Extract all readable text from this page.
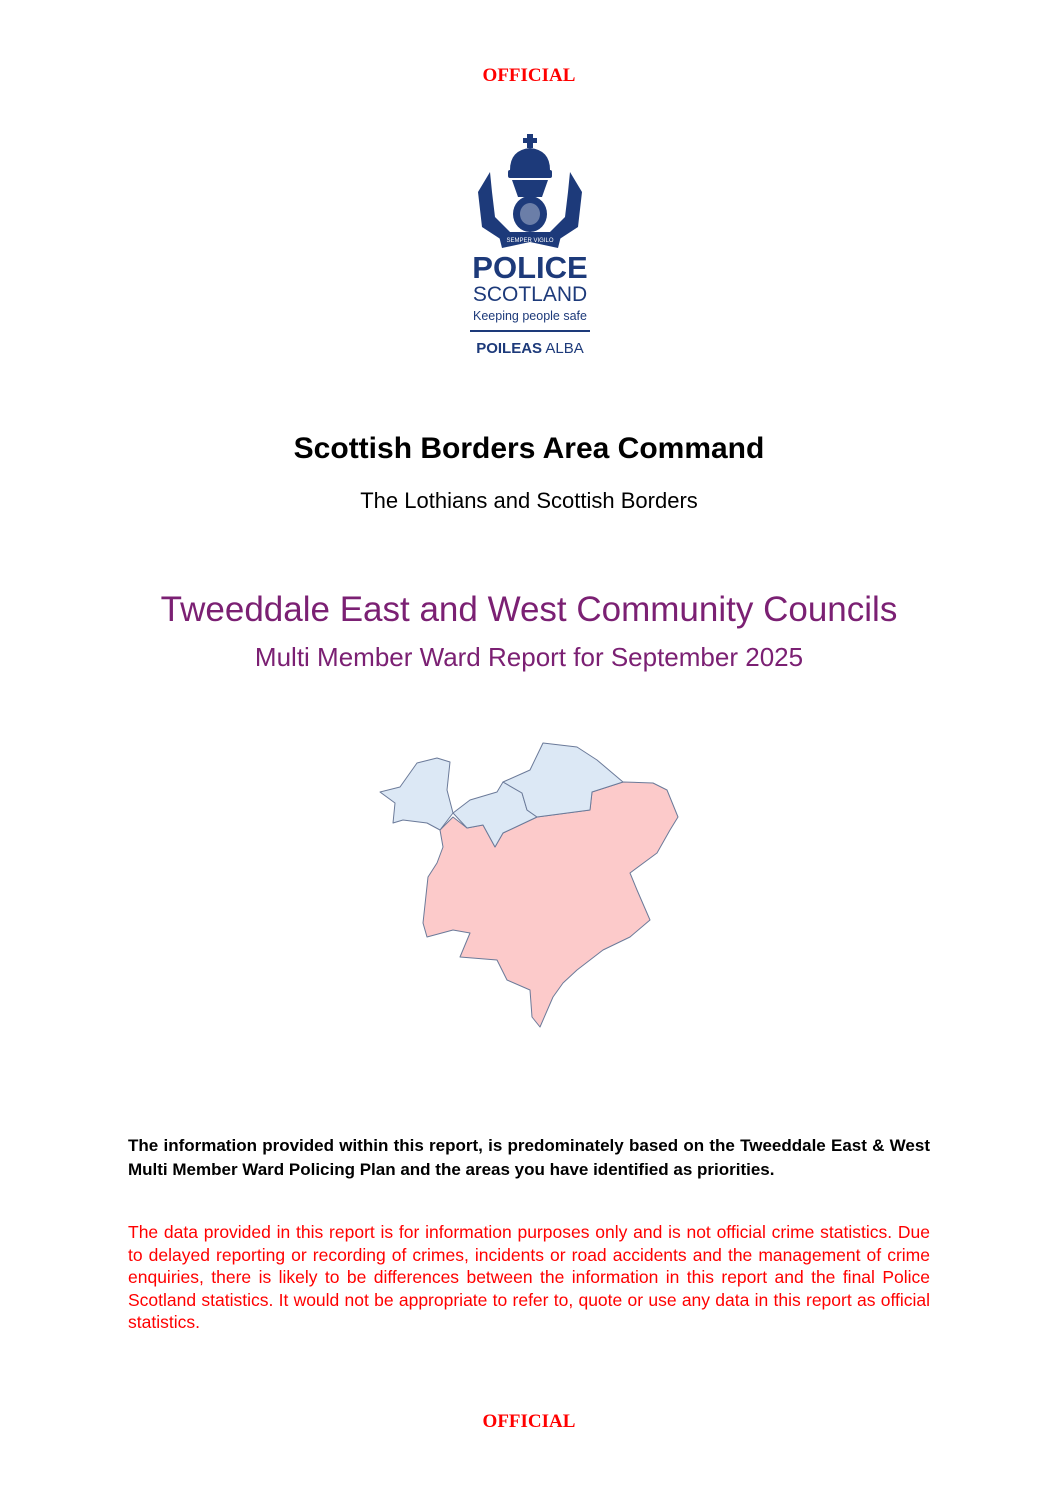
OFFICIAL
SEMPER VIGILO
POLICE
SCOTLAND
Keeping people safe
POILEAS ALBA
Scottish Borders Area Command
The Lothians and Scottish Borders
Tweeddale East and West Community Councils
Multi Member Ward Report for September 2025
The information provided within this report, is predominately based on the Tweeddale East & West Multi Member Ward Policing Plan and the areas you have identified as priorities.
The data provided in this report is for information purposes only and is not official crime statistics. Due to delayed reporting or recording of crimes, incidents or road accidents and the management of crime enquiries, there is likely to be differences between the information in this report and the final Police Scotland statistics. It would not be appropriate to refer to, quote or use any data in this report as official statistics.
OFFICIAL
